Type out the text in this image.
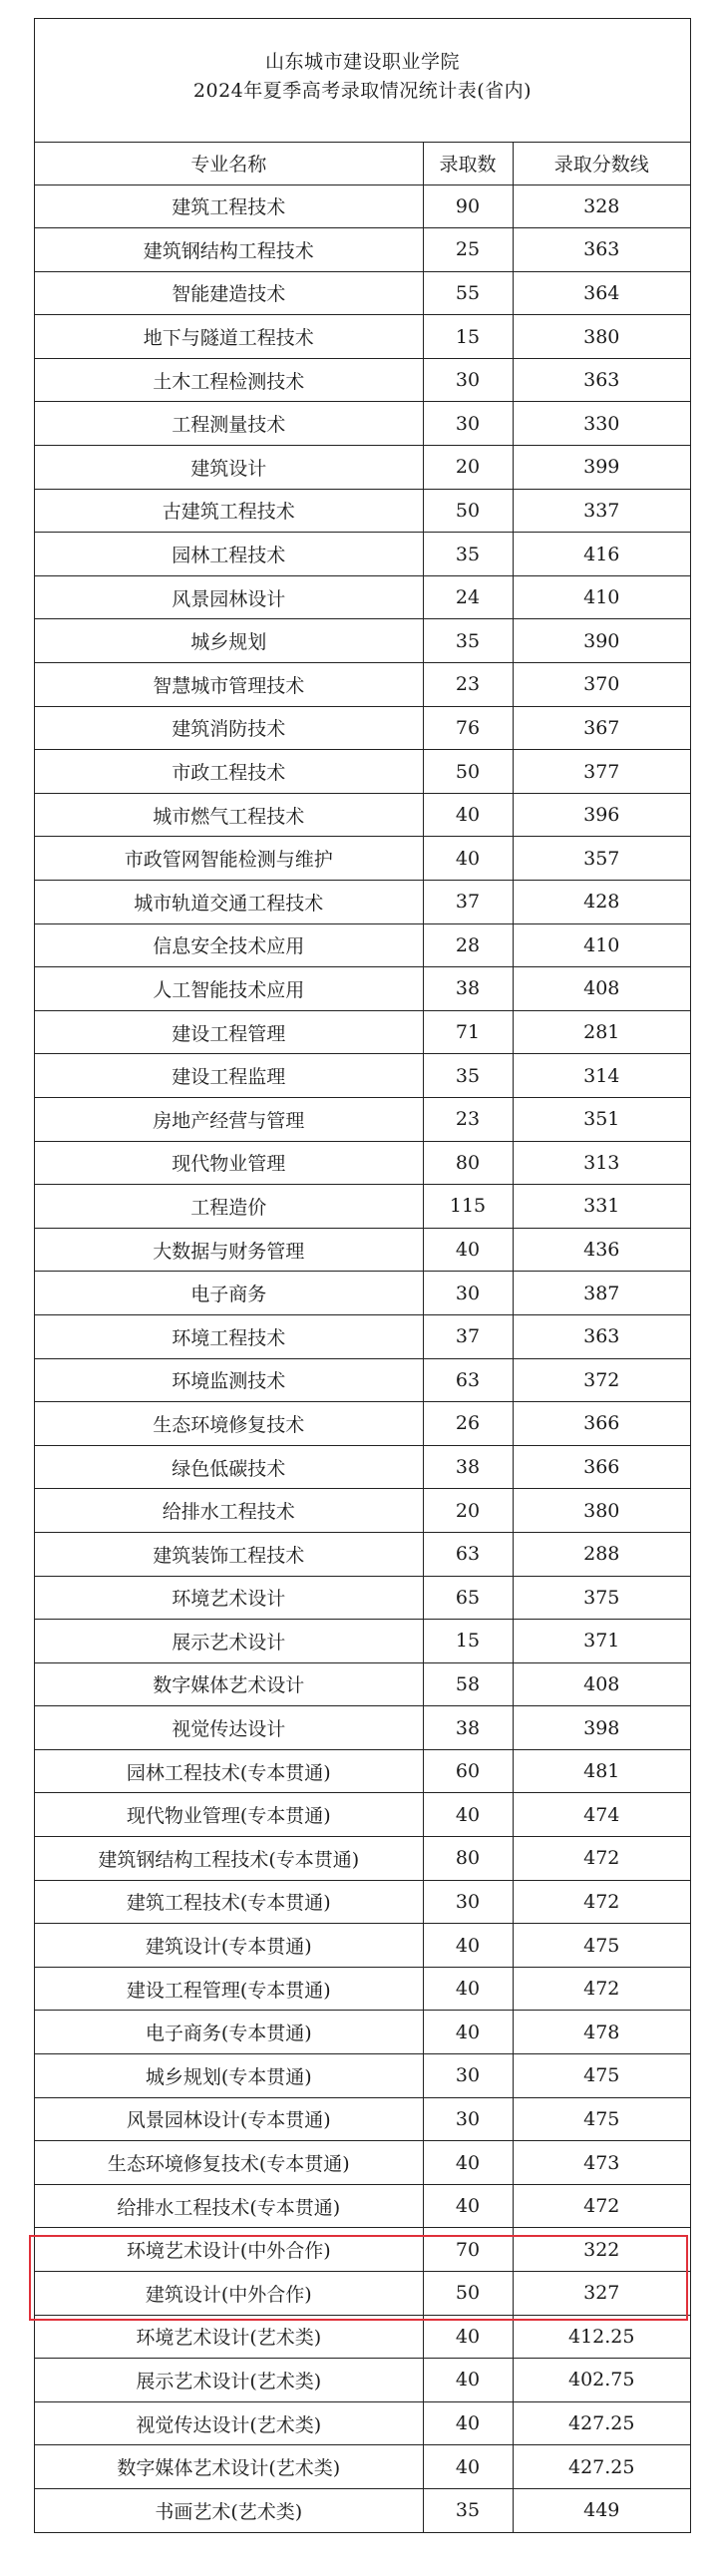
山东城市建设职业学院
2024年夏季高考录取情况统计表(省内)
专业名称	录取数	录取分数线
建筑工程技术	90	328
建筑钢结构工程技术	25	363
智能建造技术	55	364
地下与隧道工程技术	15	380
土木工程检测技术	30	363
工程测量技术	30	330
建筑设计	20	399
古建筑工程技术	50	337
园林工程技术	35	416
风景园林设计	24	410
城乡规划	35	390
智慧城市管理技术	23	370
建筑消防技术	76	367
市政工程技术	50	377
城市燃气工程技术	40	396
市政管网智能检测与维护	40	357
城市轨道交通工程技术	37	428
信息安全技术应用	28	410
人工智能技术应用	38	408
建设工程管理	71	281
建设工程监理	35	314
房地产经营与管理	23	351
现代物业管理	80	313
工程造价	115	331
大数据与财务管理	40	436
电子商务	30	387
环境工程技术	37	363
环境监测技术	63	372
生态环境修复技术	26	366
绿色低碳技术	38	366
给排水工程技术	20	380
建筑装饰工程技术	63	288
环境艺术设计	65	375
展示艺术设计	15	371
数字媒体艺术设计	58	408
视觉传达设计	38	398
园林工程技术(专本贯通)	60	481
现代物业管理(专本贯通)	40	474
建筑钢结构工程技术(专本贯通)	80	472
建筑工程技术(专本贯通)	30	472
建筑设计(专本贯通)	40	475
建设工程管理(专本贯通)	40	472
电子商务(专本贯通)	40	478
城乡规划(专本贯通)	30	475
风景园林设计(专本贯通)	30	475
生态环境修复技术(专本贯通)	40	473
给排水工程技术(专本贯通)	40	472
环境艺术设计(中外合作)	70	322
建筑设计(中外合作)	50	327
环境艺术设计(艺术类)	40	412.25
展示艺术设计(艺术类)	40	402.75
视觉传达设计(艺术类)	40	427.25
数字媒体艺术设计(艺术类)	40	427.25
书画艺术(艺术类)	35	449
